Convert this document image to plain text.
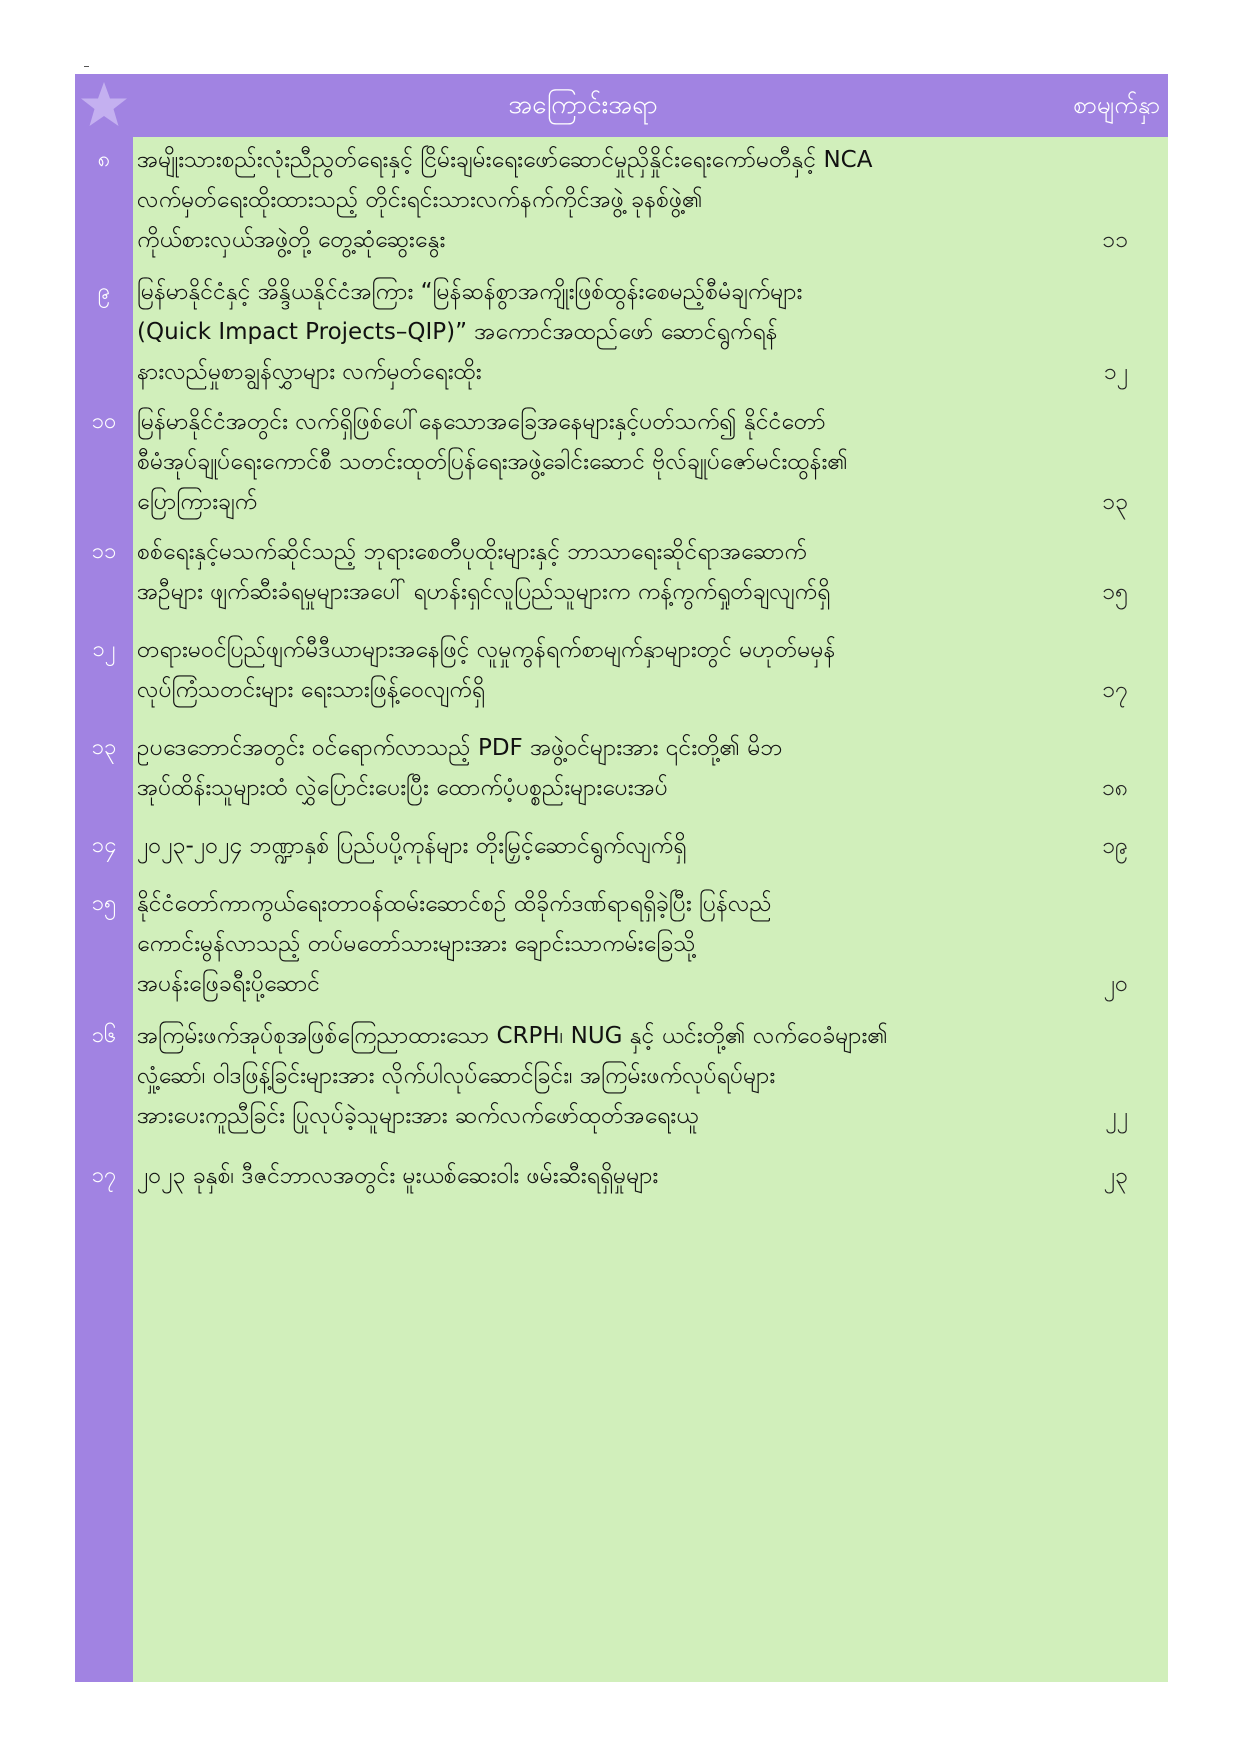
အကြောင်းအရာ	စာမျက်နှာ
၈	အမျိုးသားစည်းလုံးညီညွတ်ရေးနှင့် ငြိမ်းချမ်းရေးဖော်ဆောင်မှုညှိနှိုင်းရေးကော်မတီနှင့် NCA
လက်မှတ်ရေးထိုးထားသည့် တိုင်းရင်းသားလက်နက်ကိုင်အဖွဲ့ ခုနစ်ဖွဲ့၏
ကိုယ်စားလှယ်အဖွဲ့တို့ တွေ့ဆုံဆွေးနွေး	၁၁
၉	မြန်မာနိုင်ငံနှင့် အိန္ဒိယနိုင်ငံအကြား “မြန်ဆန်စွာအကျိုးဖြစ်ထွန်းစေမည့်စီမံချက်များ
(Quick Impact Projects–QIP)” အကောင်အထည်ဖော် ဆောင်ရွက်ရန်
နားလည်မှုစာချွန်လွှာများ လက်မှတ်ရေးထိုး	၁၂
၁၀ မြန်မာနိုင်ငံအတွင်း လက်ရှိဖြစ်ပေါ်နေသောအခြေအနေများနှင့်ပတ်သက်၍ နိုင်ငံတော်
စီမံအုပ်ချုပ်ရေးကောင်စီ သတင်းထုတ်ပြန်ရေးအဖွဲ့ခေါင်းဆောင် ဗိုလ်ချုပ်ဇော်မင်းထွန်း၏
ပြောကြားချက်	၁၃
၁၁ စစ်ရေးနှင့်မသက်ဆိုင်သည့် ဘုရားစေတီပုထိုးများနှင့် ဘာသာရေးဆိုင်ရာအဆောက်
အဦများ ဖျက်ဆီးခံရမှုများအပေါ် ရဟန်းရှင်လူပြည်သူများက ကန့်ကွက်ရှုတ်ချလျက်ရှိ	၁၅
၁၂ တရားမဝင်ပြည်ဖျက်မီဒီယာများအနေဖြင့် လူမှုကွန်ရက်စာမျက်နှာများတွင် မဟုတ်မမှန်
လုပ်ကြံသတင်းများ ရေးသားဖြန့်ဝေလျက်ရှိ	၁၇
၁၃ ဥပဒေဘောင်အတွင်း ဝင်ရောက်လာသည့် PDF အဖွဲ့ဝင်များအား ၎င်းတို့၏ မိဘ
အုပ်ထိန်းသူများထံ လွှဲပြောင်းပေးပြီး ထောက်ပံ့ပစ္စည်းများပေးအပ်	၁၈
၁၄ ၂၀၂၃-၂၀၂၄ ဘဏ္ဍာနှစ် ပြည်ပပို့ကုန်များ တိုးမြှင့်ဆောင်ရွက်လျက်ရှိ	၁၉
၁၅ နိုင်ငံတော်ကာကွယ်ရေးတာဝန်ထမ်းဆောင်စဉ် ထိခိုက်ဒဏ်ရာရရှိခဲ့ပြီး ပြန်လည်
ကောင်းမွန်လာသည့် တပ်မတော်သားများအား ချောင်းသာကမ်းခြေသို့
အပန်းဖြေခရီးပို့ဆောင်	၂၀
၁၆ အကြမ်းဖက်အုပ်စုအဖြစ်ကြေညာထားသော CRPH၊ NUG နှင့် ယင်းတို့၏ လက်ဝေခံများ၏
လှုံ့ဆော်၊ ဝါဒဖြန့်ခြင်းများအား လိုက်ပါလုပ်ဆောင်ခြင်း၊ အကြမ်းဖက်လုပ်ရပ်များ
အားပေးကူညီခြင်း ပြုလုပ်ခဲ့သူများအား ဆက်လက်ဖော်ထုတ်အရေးယူ	၂၂
၁၇ ၂၀၂၃ ခုနှစ်၊ ဒီဇင်ဘာလအတွင်း မူးယစ်ဆေးဝါး ဖမ်းဆီးရရှိမှုများ	၂၃
